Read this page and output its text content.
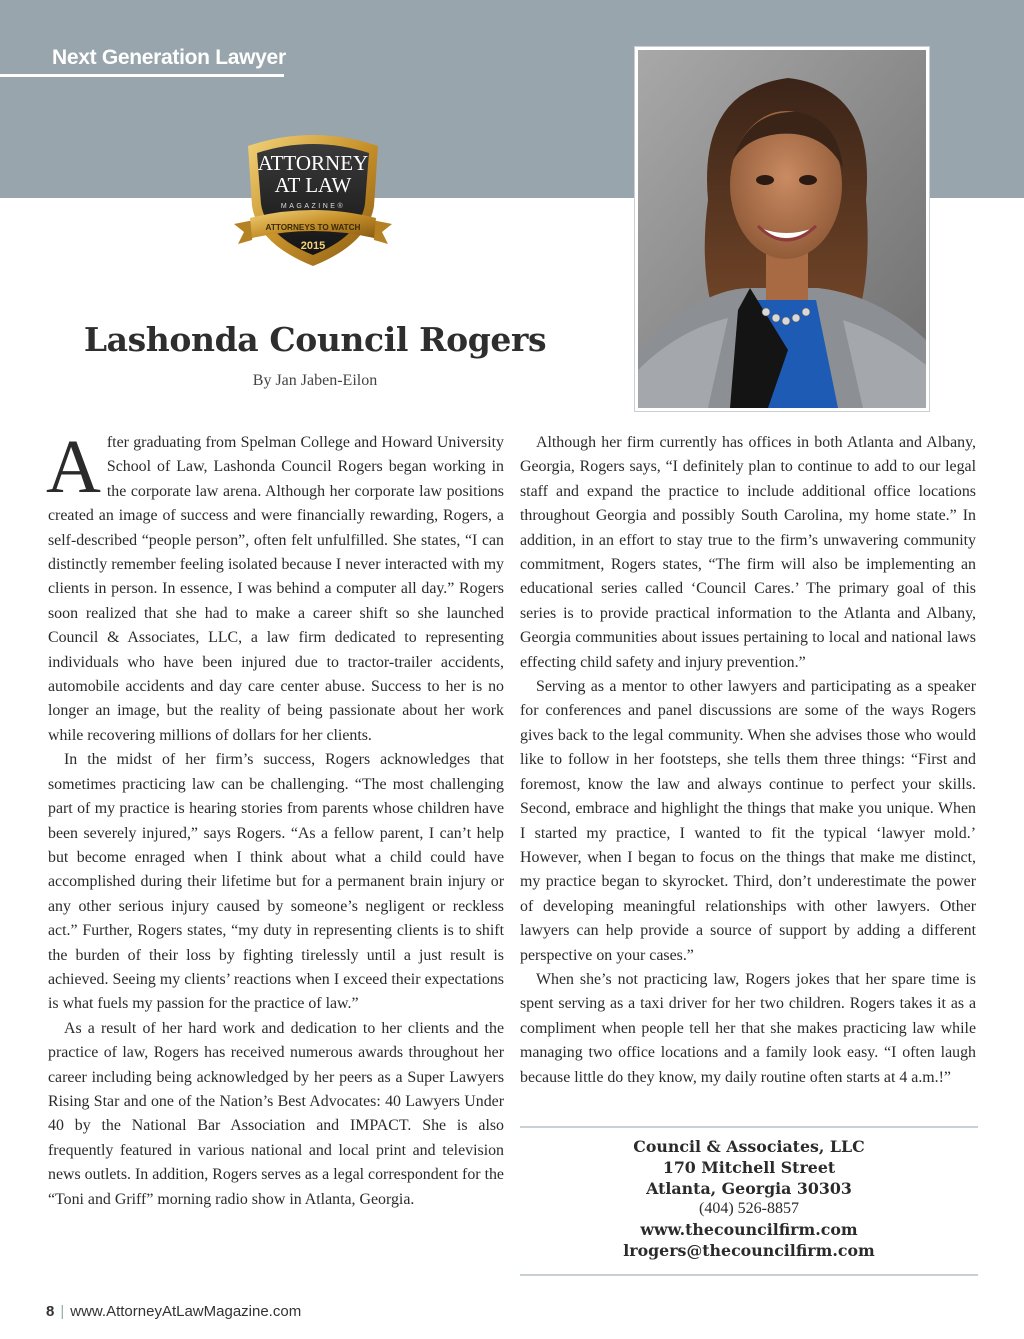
Next Generation Lawyer
ATTORNEY
AT LAW
MAGAZINE®
ATTORNEYS TO WATCH
2015
Lashonda Council Rogers
By Jan Jaben-Eilon

After graduating from Spelman College and Howard University School of Law, Lashonda Council Rogers began working in the corporate law arena. Although her corporate law positions created an image of success and were financially rewarding, Rogers, a self-described “people person”, often felt unfulfilled. She states, “I can distinctly remember feeling isolated because I never interacted with my clients in person. In essence, I was behind a computer all day.” Rogers soon realized that she had to make a career shift so she launched Council & Associates, LLC, a law firm dedicated to representing individuals who have been injured due to tractor-trailer accidents, automobile accidents and day care center abuse. Success to her is no longer an image, but the reality of being passionate about her work while recovering millions of dollars for her clients.

In the midst of her firm’s success, Rogers acknowledges that sometimes practicing law can be challenging. “The most challenging part of my practice is hearing stories from parents whose children have been severely injured,” says Rogers. “As a fellow parent, I can’t help but become enraged when I think about what a child could have accomplished during their lifetime but for a permanent brain injury or any other serious injury caused by someone’s negligent or reckless act.” Further, Rogers states, “my duty in representing clients is to shift the burden of their loss by fighting tirelessly until a just result is achieved. Seeing my clients’ reactions when I exceed their expectations is what fuels my passion for the practice of law.”

As a result of her hard work and dedication to her clients and the practice of law, Rogers has received numerous awards throughout her career including being acknowledged by her peers as a Super Lawyers Rising Star and one of the Nation’s Best Advocates: 40 Lawyers Under 40 by the National Bar Association and IMPACT. She is also frequently featured in various national and local print and television news outlets. In addition, Rogers serves as a legal correspondent for the “Toni and Griff” morning radio show in Atlanta, Georgia.

Although her firm currently has offices in both Atlanta and Albany, Georgia, Rogers says, “I definitely plan to continue to add to our legal staff and expand the practice to include additional office locations throughout Georgia and possibly South Carolina, my home state.” In addition, in an effort to stay true to the firm’s unwavering community commitment, Rogers states, “The firm will also be implementing an educational series called ‘Council Cares.’ The primary goal of this series is to provide practical information to the Atlanta and Albany, Georgia communities about issues pertaining to local and national laws effecting child safety and injury prevention.”

Serving as a mentor to other lawyers and participating as a speaker for conferences and panel discussions are some of the ways Rogers gives back to the legal community. When she advises those who would like to follow in her footsteps, she tells them three things: “First and foremost, know the law and always continue to perfect your skills. Second, embrace and highlight the things that make you unique. When I started my practice, I wanted to fit the typical ‘lawyer mold.’ However, when I began to focus on the things that make me distinct, my practice began to skyrocket. Third, don’t underestimate the power of developing meaningful relationships with other lawyers. Other lawyers can help provide a source of support by adding a different perspective on your cases.”

When she’s not practicing law, Rogers jokes that her spare time is spent serving as a taxi driver for her two children. Rogers takes it as a compliment when people tell her that she makes practicing law while managing two office locations and a family look easy. “I often laugh because little do they know, my daily routine often starts at 4 a.m.!”

Council & Associates, LLC
170 Mitchell Street
Atlanta, Georgia 30303
(404) 526-8857
www.thecouncilfirm.com
lrogers@thecouncilfirm.com
8 | www.AttorneyAtLawMagazine.com
